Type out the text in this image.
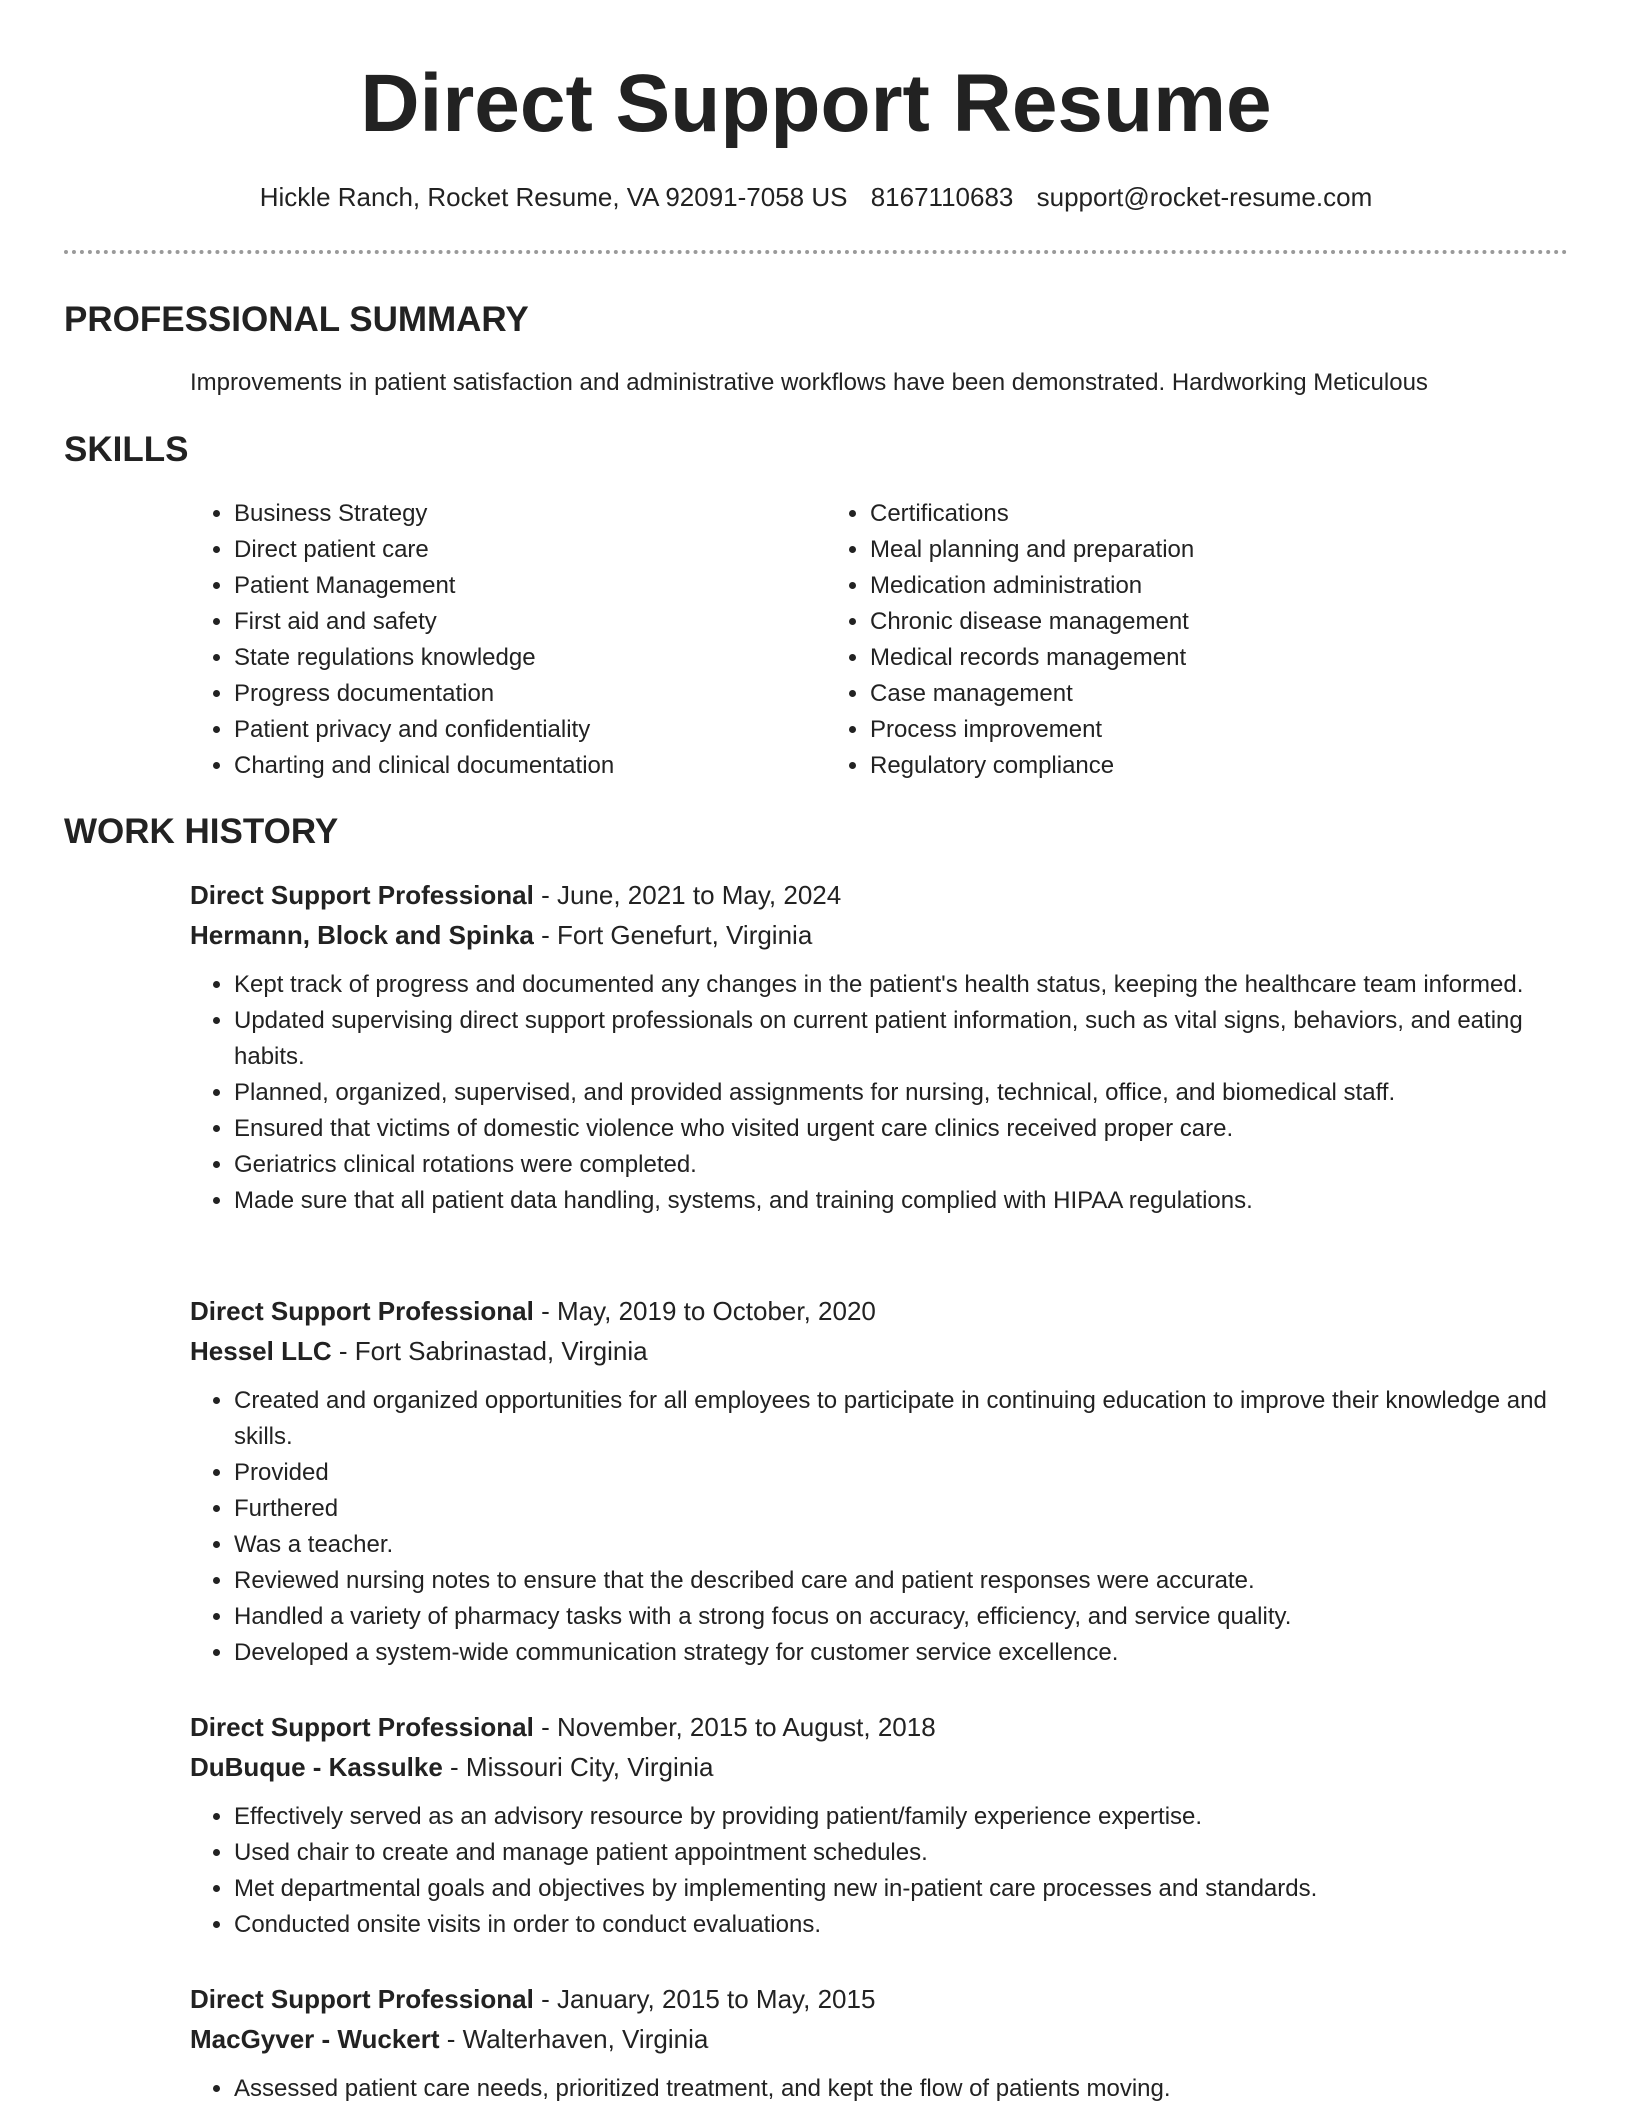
Direct Support Resume
Hickle Ranch, Rocket Resume, VA 92091-7058 US 8167110683 support@rocket-resume.com
PROFESSIONAL SUMMARY

Improvements in patient satisfaction and administrative workflows have been demonstrated. Hardworking Meticulous

SKILLS
• Business Strategy
• Direct patient care
• Patient Management
• First aid and safety
• State regulations knowledge
• Progress documentation
• Patient privacy and confidentiality
• Charting and clinical documentation
• Certifications
• Meal planning and preparation
• Medication administration
• Chronic disease management
• Medical records management
• Case management
• Process improvement
• Regulatory compliance
WORK HISTORY

Direct Support Professional - June, 2021 to May, 2024

Hermann, Block and Spinka - Fort Genefurt, Virginia

• Kept track of progress and documented any changes in the patient's health status, keeping the healthcare team informed.
• Updated supervising direct support professionals on current patient information, such as vital signs, behaviors, and eating habits.
• Planned, organized, supervised, and provided assignments for nursing, technical, office, and biomedical staff.
• Ensured that victims of domestic violence who visited urgent care clinics received proper care.
• Geriatrics clinical rotations were completed.
• Made sure that all patient data handling, systems, and training complied with HIPAA regulations.

Direct Support Professional - May, 2019 to October, 2020

Hessel LLC - Fort Sabrinastad, Virginia

• Created and organized opportunities for all employees to participate in continuing education to improve their knowledge and skills.
• Provided
• Furthered
• Was a teacher.
• Reviewed nursing notes to ensure that the described care and patient responses were accurate.
• Handled a variety of pharmacy tasks with a strong focus on accuracy, efficiency, and service quality.
• Developed a system-wide communication strategy for customer service excellence.

Direct Support Professional - November, 2015 to August, 2018

DuBuque - Kassulke - Missouri City, Virginia

• Effectively served as an advisory resource by providing patient/family experience expertise.
• Used chair to create and manage patient appointment schedules.
• Met departmental goals and objectives by implementing new in-patient care processes and standards.
• Conducted onsite visits in order to conduct evaluations.

Direct Support Professional - January, 2015 to May, 2015

MacGyver - Wuckert - Walterhaven, Virginia

• Assessed patient care needs, prioritized treatment, and kept the flow of patients moving.
